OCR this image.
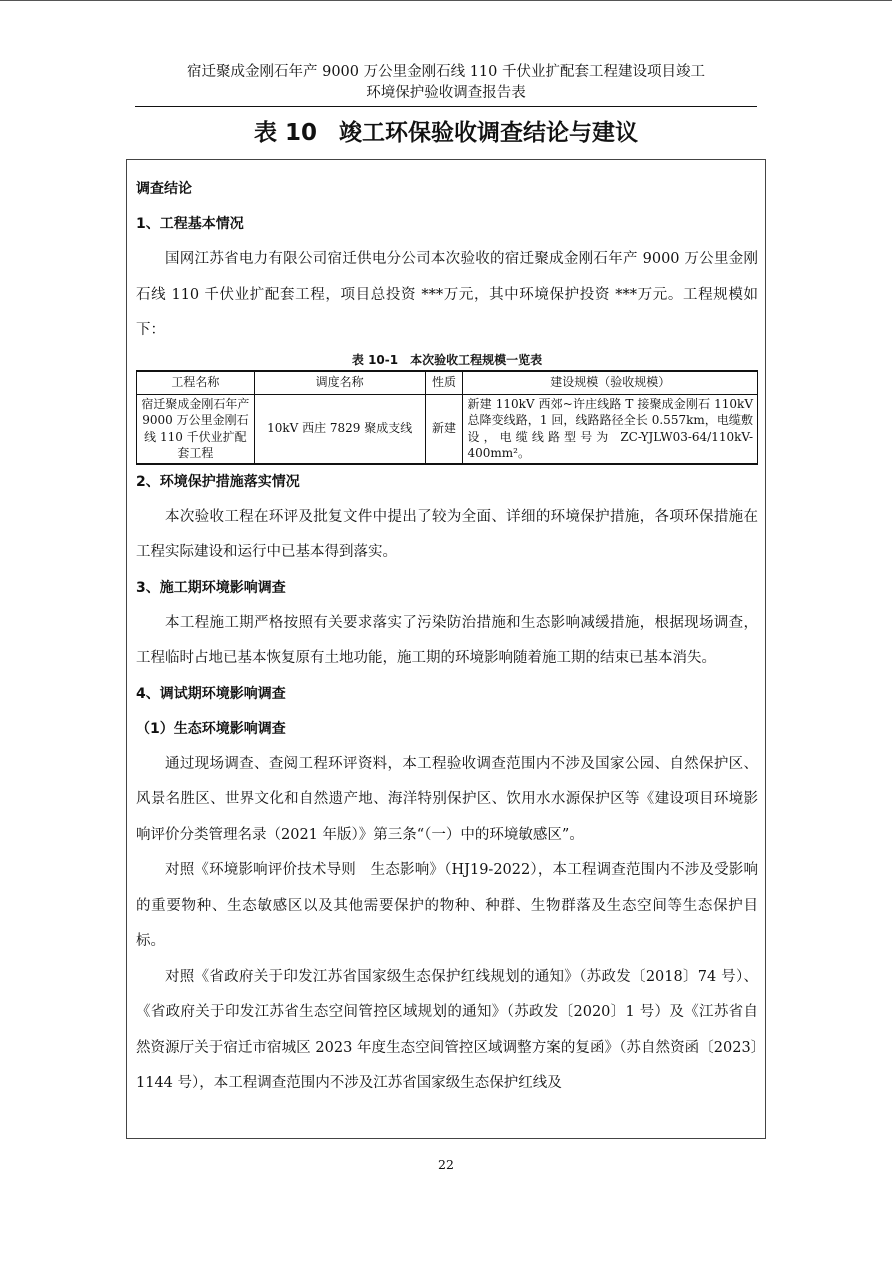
宿迁聚成金刚石年产 9000 万公里金刚石线 110 千伏业扩配套工程建设项目竣工
环境保护验收调查报告表
表 10 竣工环保验收调查结论与建议
调查结论
1、工程基本情况

国网江苏省电力有限公司宿迁供电分公司本次验收的宿迁聚成金刚石年产 9000 万公里金刚石线 110 千伏业扩配套工程，项目总投资 ***万元，其中环境保护投资 ***万元。工程规模如下：

表 10-1　本次验收工程规模一览表
工程名称	调度名称	性质	建设规模（验收规模）
宿迁聚成金刚石年产 9000 万公里金刚石线 110 千伏业扩配套工程	10kV 西庄 7829 聚成支线	新建	新建 110kV 西郊~许庄线路 T 接聚成金刚石 110kV 总降变线路，1 回，线路路径全长 0.557km，电缆敷设，电缆线路型号为 ZC-YJLW03-64/110kV- 400mm²。
2、环境保护措施落实情况

本次验收工程在环评及批复文件中提出了较为全面、详细的环境保护措施，各项环保措施在工程实际建设和运行中已基本得到落实。

3、施工期环境影响调查

本工程施工期严格按照有关要求落实了污染防治措施和生态影响减缓措施，根据现场调查，工程临时占地已基本恢复原有土地功能，施工期的环境影响随着施工期的结束已基本消失。

4、调试期环境影响调查
（1）生态环境影响调查

通过现场调查、查阅工程环评资料，本工程验收调查范围内不涉及国家公园、自然保护区、风景名胜区、世界文化和自然遗产地、海洋特别保护区、饮用水水源保护区等《建设项目环境影响评价分类管理名录（2021 年版）》第三条“（一）中的环境敏感区”。

对照《环境影响评价技术导则　生态影响》（HJ19-2022），本工程调查范围内不涉及受影响的重要物种、生态敏感区以及其他需要保护的物种、种群、生物群落及生态空间等生态保护目标。

对照《省政府关于印发江苏省国家级生态保护红线规划的通知》（苏政发〔2018〕74 号）、《省政府关于印发江苏省生态空间管控区域规划的通知》（苏政发〔2020〕1 号）及《江苏省自然资源厅关于宿迁市宿城区 2023 年度生态空间管控区域调整方案的复函》（苏自然资函〔2023〕1144 号），本工程调查范围内不涉及江苏省国家级生态保护红线及

22
